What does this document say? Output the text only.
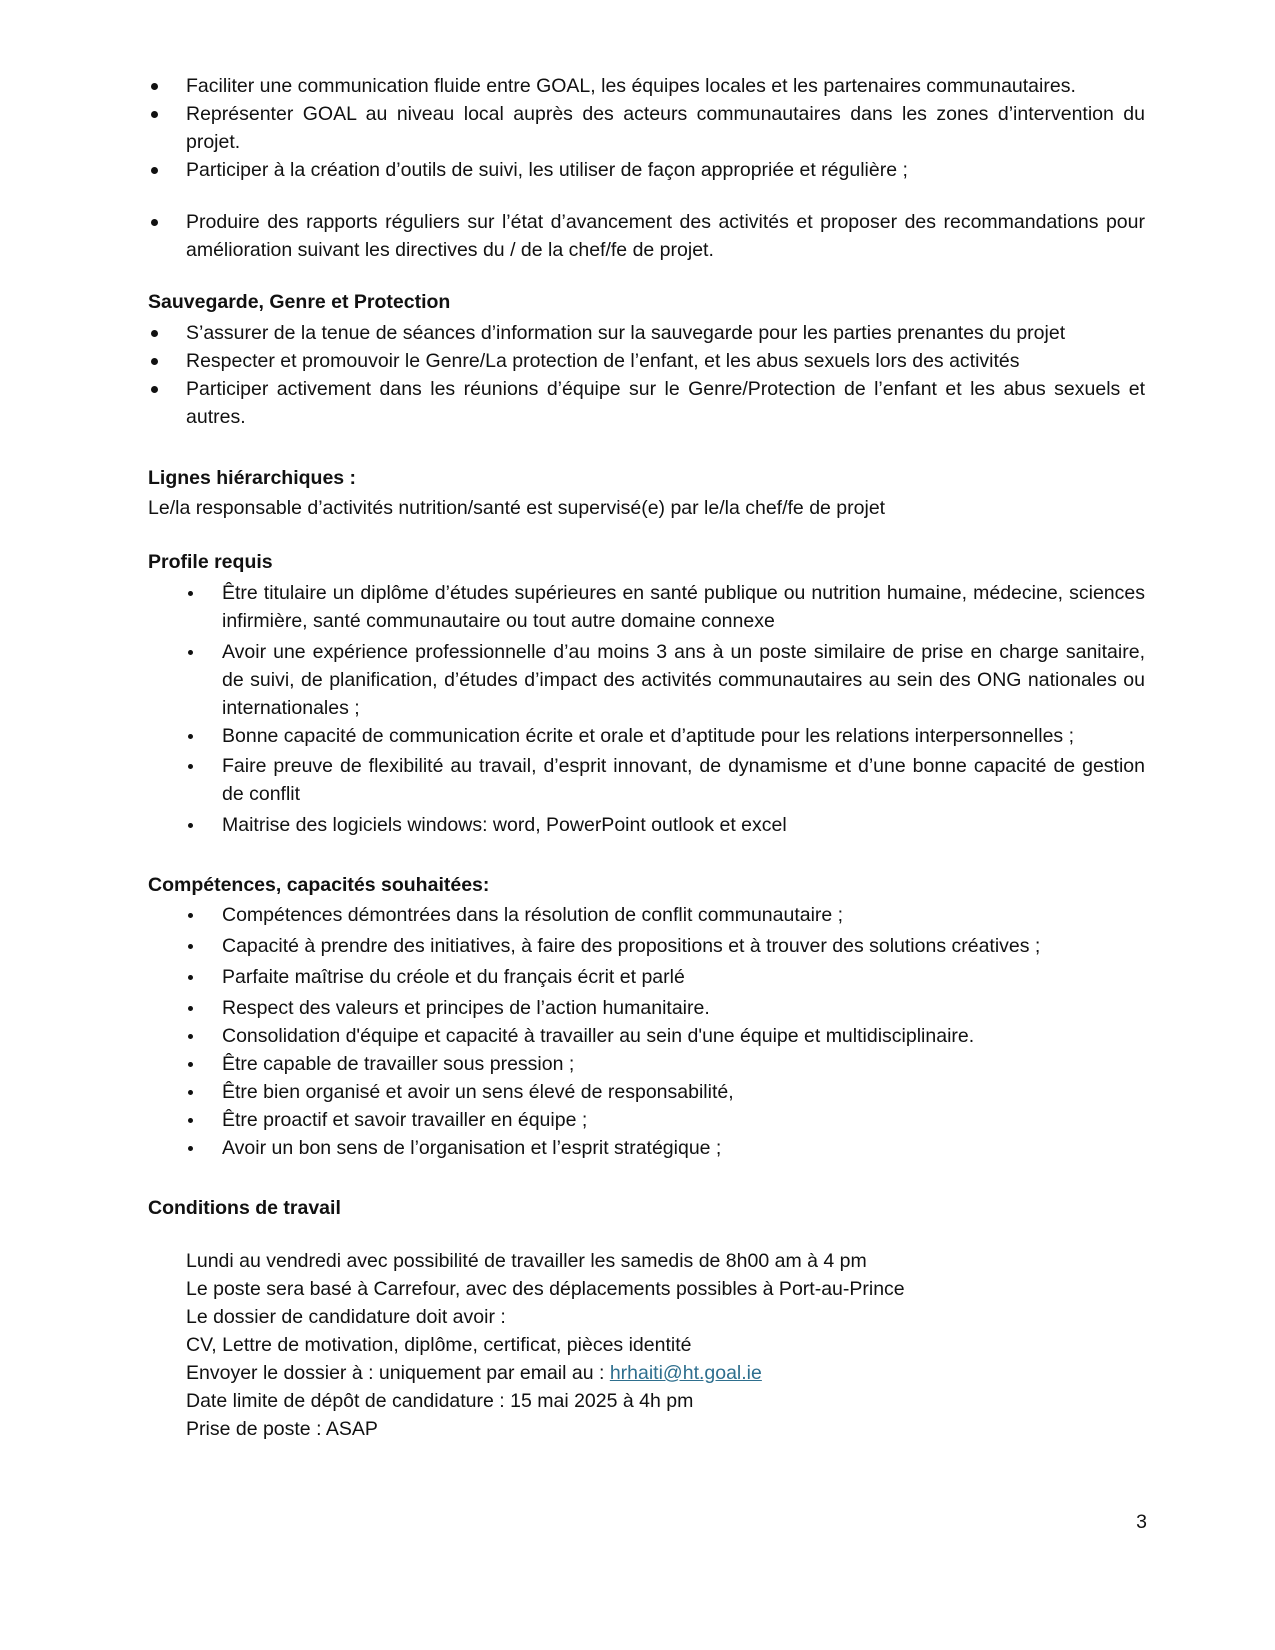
Faciliter une communication fluide entre GOAL, les équipes locales et les partenaires communautaires.
Représenter GOAL au niveau local auprès des acteurs communautaires dans les zones d’intervention du projet.
Participer à la création d’outils de suivi, les utiliser de façon appropriée et régulière ;
Produire des rapports réguliers sur l’état d’avancement des activités et proposer des recommandations pour amélioration suivant les directives du / de la chef/fe de projet.
Sauvegarde, Genre et Protection
S’assurer de la tenue de séances d’information sur la sauvegarde pour les parties prenantes du projet
Respecter et promouvoir le Genre/La protection de l’enfant, et les abus sexuels lors des activités
Participer activement dans les réunions d’équipe sur le Genre/Protection de l’enfant et les abus sexuels et autres.
Lignes hiérarchiques :
Le/la responsable d’activités nutrition/santé est supervisé(e) par le/la chef/fe de projet
Profile requis
Être titulaire un diplôme d’études supérieures en santé publique ou nutrition humaine, médecine, sciences infirmière, santé communautaire ou tout autre domaine connexe
Avoir une expérience professionnelle d’au moins 3 ans à un poste similaire de prise en charge sanitaire, de suivi, de planification, d’études d’impact des activités communautaires au sein des ONG nationales ou internationales ;
Bonne capacité de communication écrite et orale et d’aptitude pour les relations interpersonnelles ;
Faire preuve de flexibilité au travail, d’esprit innovant, de dynamisme et d’une bonne capacité de gestion de conflit
Maitrise des logiciels windows: word, PowerPoint outlook et excel
Compétences, capacités souhaitées:
Compétences démontrées dans la résolution de conflit communautaire ;
Capacité à prendre des initiatives, à faire des propositions et à trouver des solutions créatives ;
Parfaite maîtrise du créole et du français écrit et parlé
Respect des valeurs et principes de l’action humanitaire.
Consolidation d'équipe et capacité à travailler au sein d'une équipe et multidisciplinaire.
Être capable de travailler sous pression ;
Être bien organisé et avoir un sens élevé de responsabilité,
Être proactif et savoir travailler en équipe ;
Avoir un bon sens de l’organisation et l’esprit stratégique ;
Conditions de travail
Lundi au vendredi avec possibilité de travailler les samedis de 8h00 am à 4 pm
Le poste sera basé à Carrefour, avec des déplacements possibles à Port-au-Prince
Le dossier de candidature doit avoir :
CV, Lettre de motivation, diplôme, certificat, pièces identité
Envoyer le dossier à : uniquement par email au : hrhaiti@ht.goal.ie
Date limite de dépôt de candidature : 15 mai 2025 à 4h pm
Prise de poste : ASAP
3
